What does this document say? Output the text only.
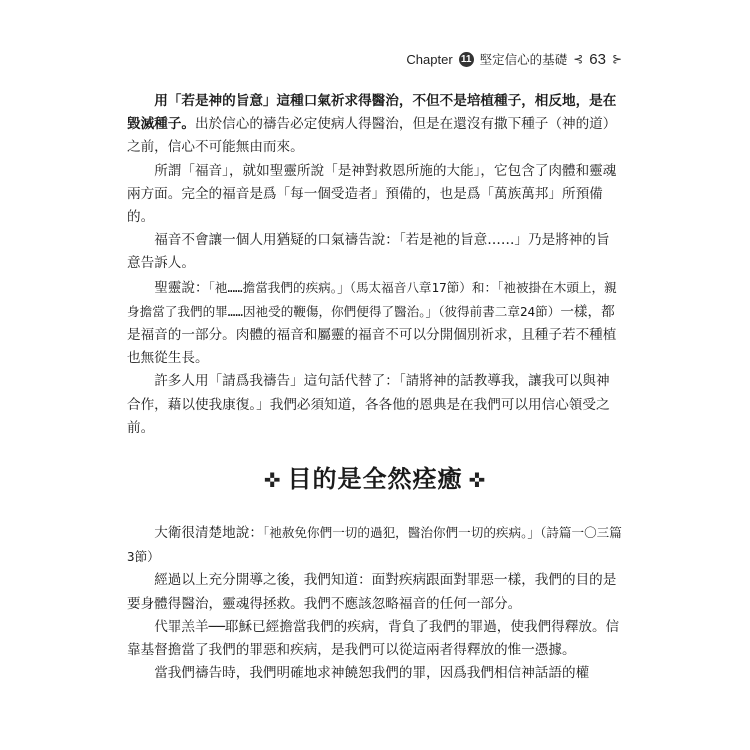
Chapter 11 堅定信心的基礎 ⊰ 63 ⊱

用「若是神的旨意」這種口氣祈求得醫治，不但不是培植種子，相反地，是在毀滅種子。出於信心的禱告必定使病人得醫治，但是在還沒有撒下種子（神的道）之前，信心不可能無由而來。

所謂「福音」，就如聖靈所說「是神對救恩所施的大能」，它包含了肉體和靈魂兩方面。完全的福音是爲「每一個受造者」預備的，也是爲「萬族萬邦」所預備的。

福音不會讓一個人用猶疑的口氣禱告說：「若是祂的旨意……」乃是將神的旨意告訴人。

聖靈說：「祂……擔當我們的疾病。」（馬太福音八章17節）和：「祂被掛在木頭上，親身擔當了我們的罪……因祂受的鞭傷，你們便得了醫治。」（彼得前書二章24節）一樣，都是福音的一部分。肉體的福音和屬靈的福音不可以分開個別祈求，且種子若不種植也無從生長。

許多人用「請爲我禱告」這句話代替了：「請將神的話教導我，讓我可以與神合作，藉以使我康復。」我們必須知道，各各他的恩典是在我們可以用信心領受之前。

✜ 目的是全然痊癒 ✜

大衛很清楚地說：「祂赦免你們一切的過犯，醫治你們一切的疾病。」（詩篇一〇三篇3節）

經過以上充分開導之後，我們知道：面對疾病跟面對罪惡一樣，我們的目的是要身體得醫治，靈魂得拯救。我們不應該忽略福音的任何一部分。

代罪羔羊──耶穌已經擔當我們的疾病，背負了我們的罪過，使我們得釋放。信靠基督擔當了我們的罪惡和疾病，是我們可以從這兩者得釋放的惟一憑據。

當我們禱告時，我們明確地求神饒恕我們的罪，因爲我們相信神話語的權
